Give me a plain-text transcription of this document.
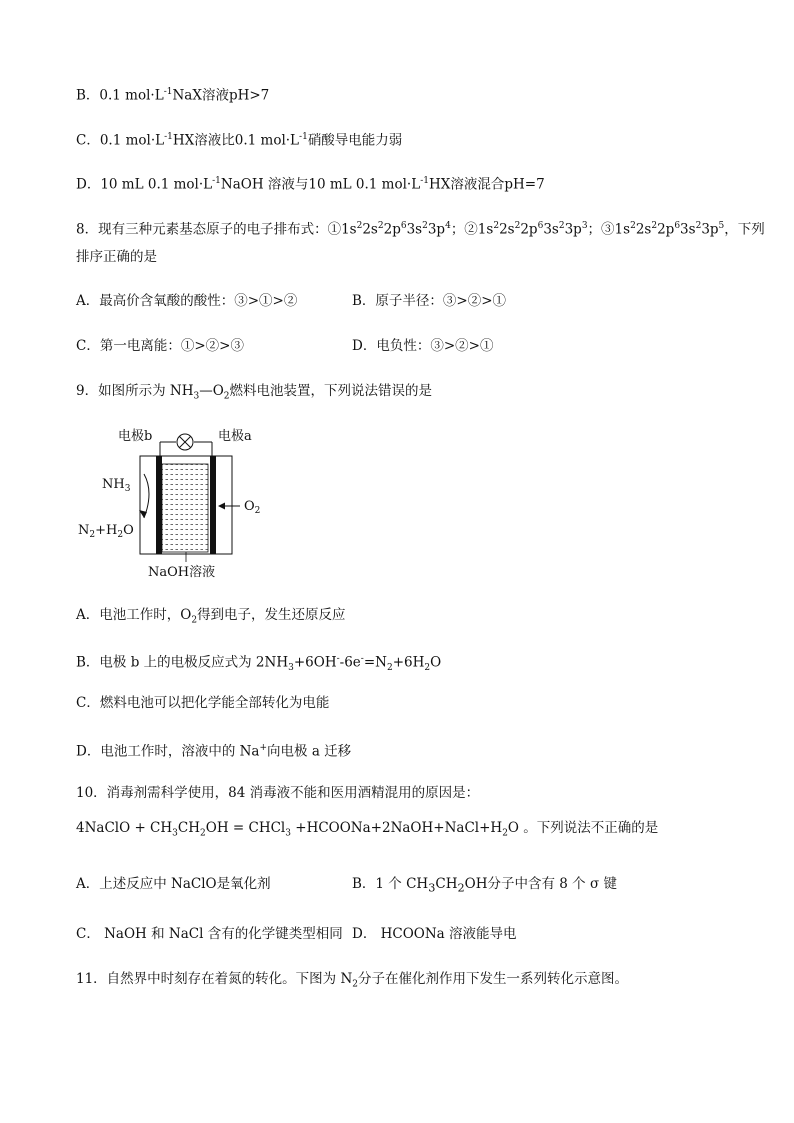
B．0.1 $mol\cdot L^{-1}NaX$溶液pH>7
C．0.1 $mol\cdot L^{-1}HX$溶液比0.1 $mol\cdot L^{-1}$硝酸导电能力弱
D．10 mL 0.1 $mol\cdot L^{-1}NaOH$ 溶液与10 mL 0.1 $mol\cdot L^{-1}HX$溶液混合pH=7
8．现有三种元素基态原子的电子排布式：$①1s^22s^22p^63s^23p^4$；$②1s^22s^22p^63s^23p^3$；$③1s^22s^22p^63s^23p^5$，下列
排序正确的是
A．最高价含氧酸的酸性：③>①>②	B．原子半径：③>②>①
C．第一电离能：①>②>③	D．电负性：③>②>①
9．如图所示为 $NH_3—O_2$燃料电池装置，下列说法错误的是
电极b	电极a
$NH_3$
$O_2$
$N_2+H_2O$
NaOH溶液
A．电池工作时，$O_2$得到电子，发生还原反应
B．电极 b 上的电极反应式为 $2NH_3+6OH^--6e^-=N_2+6H_2O$
C．燃料电池可以把化学能全部转化为电能
D．电池工作时，溶液中的 Na+向电极 a 迁移
10．消毒剂需科学使用，84 消毒液不能和医用酒精混用的原因是：
4NaClO + $CH_3CH_2OH$ = CHCl$_3$ $+HCOONa+2NaOH+NaCl+H_2O$ 。下列说法不正确的是
A．上述反应中 NaClO是氧化剂	B．1 个 $CH_3CH_2OH$分子中含有 8 个 σ 键
C． NaOH 和 NaCl 含有的化学键类型相同 D． HCOONa 溶液能导电
11．自然界中时刻存在着氮的转化。下图为 $N_2$分子在催化剂作用下发生一系列转化示意图。
